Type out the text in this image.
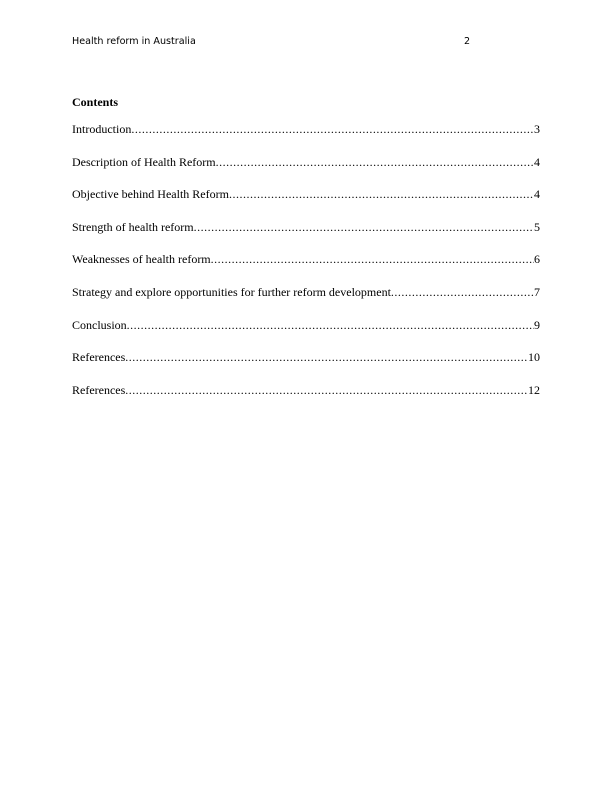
Health reform in Australia	2
Contents
Introduction .....	3
Description of Health Reform .....	4
Objective behind Health Reform .....	4
Strength of health reform .....	5
Weaknesses of health reform .....	6
Strategy and explore opportunities for further reform development .....	7
Conclusion .....	9
References .....	10
References .....	12
